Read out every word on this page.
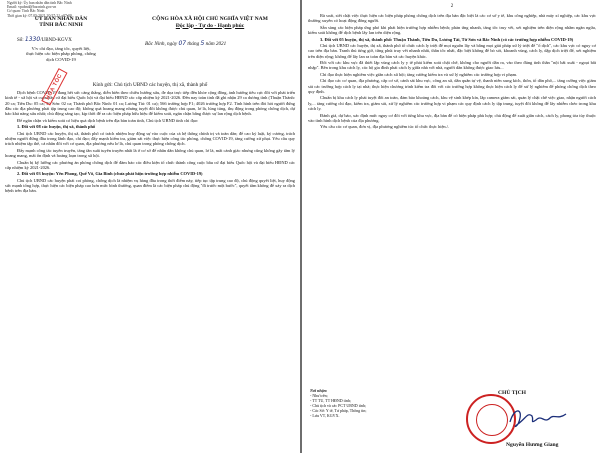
Người ký: Ủy ban nhân dân tỉnh Bắc Ninh
Email: vpubnd@bacninh.gov.vn
Cơ quan: Tỉnh Bắc Ninh
Thời gian ký: 07.05.2021 20:57:21 +07:00
ỦY BAN NHÂN DÂN
TỈNH BẮC NINH
CỘNG HÒA XÃ HỘI CHỦ NGHĨA VIỆT NAM
Độc lập - Tự do - Hạnh phúc
Số: 1330/UBND-KGVX
Bắc Ninh, ngày 07 tháng 5 năm 2021
V/v chỉ đạo, tăng tốc, quyết liệt,
thực hiện các biện pháp phòng, chống
dịch COVID-19
HỎA TỐC	Kính gửi: Chủ tịch UBND các huyện, thị xã, thành phố

Dịch bệnh COVID-19 đang hết sức căng thẳng, diễn biến theo chiều hướng xấu, đe dọa trực tiếp đến khỏe cộng đồng, ảnh hưởng tiêu cực đối với phát triển kinh tế - xã hội và cuộc bầu cử đại biểu Quốc hội và đại biểu HĐND các cấp nhiệm kỳ 2021-2026. Đến nay toàn tỉnh đã ghi nhận 29 ca dương tính (Thuận Thành: 20 ca; Tiên Du: 05 ca; Từ Sơn: 02 ca; Thành phố Bắc Ninh: 01 ca; Lương Tài: 01 ca); 566 trường hợp F1; 4026 trường hợp F2. Tình hình trên đòi hỏi người đứng đầu các địa phương phải tập trung cao độ; không quá hoang mang nhưng tuyệt đối không được chủ quan, lơ là, lúng túng, thụ động trong phòng chống dịch, dự báo khả năng xấu nhất; chủ động sáng tạo, kịp thời để ra các biện pháp hữu hiệu để kiểm soát, ngăn chặn bằng được sự lan rộng dịch bệnh.

Để ngăn chặn và kiểm soát có hiệu quả dịch bệnh trên địa bàn toàn tỉnh, Chủ tịch UBND tỉnh chỉ đạo:

1. Đối với 08 các huyện, thị xã, thành phố

Chủ tịch UBND các huyện, thị xã, thành phố có trách nhiệm huy động sự vào cuộc của cả hệ thống chính trị và toàn dân; để cao kỷ luật, kỷ cương, trách nhiệm người đứng đầu trong lãnh đạo, chỉ đạo; đẩy mạnh kiểm tra, giám sát việc thực hiện công tác phòng, chống COVID-19, tăng cường xử phạt. Yêu cầu quy trách nhiệm tập thể, cá nhân đối với cơ quan, địa phương nếu lơ là, chủ quan trong phòng chống dịch.

Đẩy mạnh công tác tuyên truyền, tăng tần suất tuyên truyền nhất là ở cơ sở để nhân dân không chủ quan, lơ là, mất cảnh giác nhưng cũng không gây tâm lý hoang mang, mất ổn định và hoảng loạn trong xã hội.

Chuẩn bị kỹ lưỡng các phương án phòng chống dịch để đảm bảo các điều kiện tổ chức thành công cuộc bầu cử đại biểu Quốc hội và đại biểu HĐND các cấp nhiệm kỳ 2021-2026.

2. Đối với 03 huyện: Yên Phong, Quế Võ, Gia Bình (chưa phát hiện trường hợp nhiễm COVID-19)

Chủ tịch UBND các huyện phải coi phòng, chống dịch là nhiệm vụ hàng đầu trong thời điểm này, tiếp tục tập trung cao độ, chủ động quyết liệt, huy động sức mạnh tổng hợp, thực hiện các biện pháp cao hơn mức bình thường, quan điểm là các biện pháp chủ động "đi trước một bước", quyết tâm không để xảy ra dịch bệnh trên địa bàn.

2

Rà soát, siết chặt việc thực hiện các biện pháp phòng chống dịch trên địa bàn đặc biệt là các cơ sở y tế, khu công nghiệp, nhà máy xí nghiệp, các khu vực thường xuyên có hoạt động đông người.

Sẵn sàng các biện pháp ứng phó khi phát hiện trường hợp nhiễm bệnh; phản ứng nhanh, tăng tốc truy vết, xét nghiệm trên diện rộng nhằm ngăn ngừa, kiểm soát không để dịch bệnh lây lan trên diện rộng.

3. Đối với 05 huyện, thị xã, thành phố: Thuận Thành, Tiên Du, Lương Tài, Từ Sơn và Bắc Ninh (có các trường hợp nhiễm COVID-19)

Chủ tịch UBND các huyện, thị xã, thành phố tổ chức cách ly triệt để mọi nguồn lây và bằng mọi giải pháp xử lý triệt để "ổ dịch", các khu vực có nguy cơ cao trên địa bàn. Tranh thủ từng giờ, từng phút truy vết nhanh nhất, thần tốc nhất, đặc biệt không để bỏ sót, khoanh vùng, cách ly, dập dịch triệt để, xét nghiệm trên diện rộng; không để lây lan ra toàn địa bàn và các huyện khác.

Đối với các khu vực đã thiết lập vùng cách ly y tế phải kiểm soát chặt chẽ, không cho người dân ra, vào theo đúng tinh thần "nội bất xuất - ngoại bất nhập". Bên trong khu cách ly, các hộ gia đình phải cách ly giữa nhà với nhà, người dân không được giao lưu...

Chỉ đạo thực hiện nghiêm việc giãn cách xã hội; tăng cường kiểm tra và xử lý nghiêm các trường hợp vi phạm.

Chỉ đạo các cơ quan, địa phương, cấp cơ sở, cảnh sát khu vực, công an xã, dân quân tự vệ, thanh niên xung kích, thôn, tổ dân phố,... tăng cường việc giám sát các trường hợp cách ly tại nhà; thực hiện chương trình kiểm tra đối với các trường hợp không thực hiện cách ly để xử lý nghiêm để phòng chống dịch theo quy định.

Chuẩn bị khu cách ly phải tuyệt đối an toàn, đảm bảo khoảng cách, khu vệ sinh khép kín, lắp camera giám sát, quản lý chặt chẽ việc giao, nhận người cách ly,... tăng cường chỉ đạo, kiểm tra, giám sát, xử lý nghiêm các trường hợp vi phạm các quy định cách ly tập trung, tuyệt đối không để lây nhiễm chéo trong khu cách ly.

Đánh giá, dự báo, xác định mức nguy cơ đối với từng khu vực, địa bàn để có biện pháp phù hợp; chủ động để xuất giãn cách, cách ly, phong tỏa tùy thuộc vào tình hình dịch bệnh của địa phương.

Yêu cầu các cơ quan, đơn vị, địa phương nghiêm túc tổ chức thực hiện./.

Nơi nhận:
- Như trên;
- TT TU, TT HĐND tỉnh;
- Chủ tịch và các PCT UBND tỉnh;
- Các Sở: Y tế, Tư pháp, Thông tin;
- Lưu VT, KGVX.
CHỦ TỊCH
Nguyễn Hương Giang
